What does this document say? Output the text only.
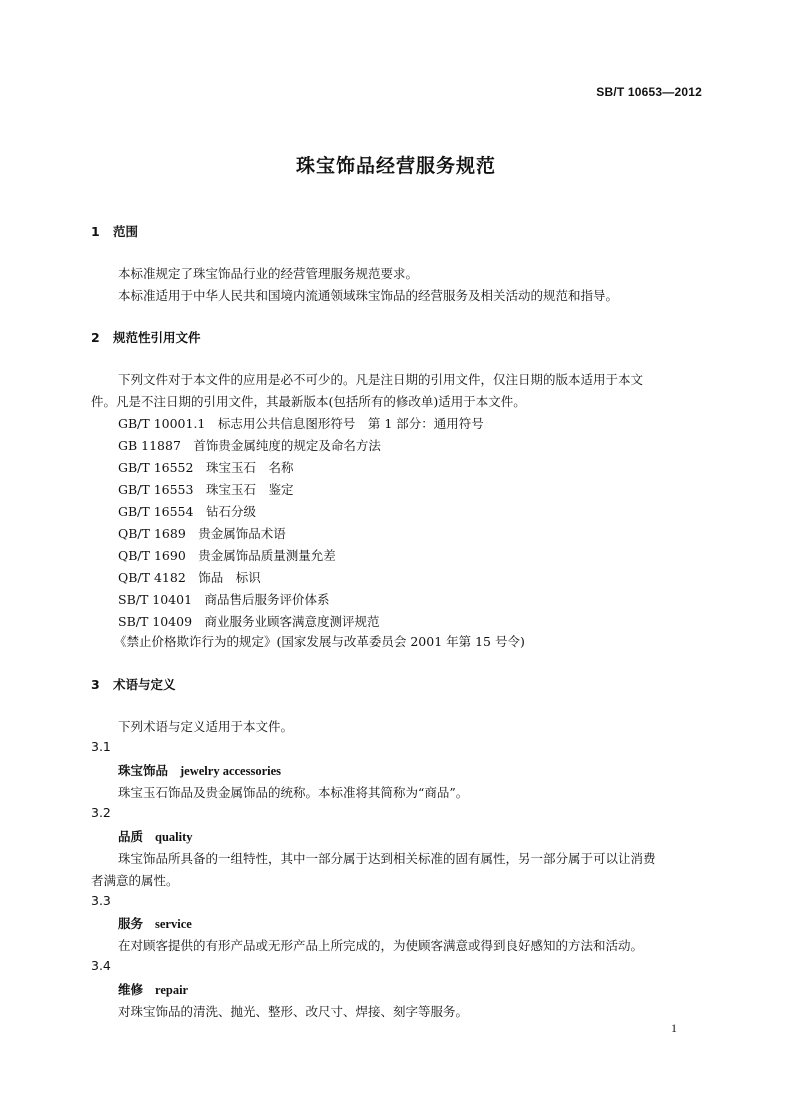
SB/T 10653—2012
珠宝饰品经营服务规范
1 范围
本标准规定了珠宝饰品行业的经营管理服务规范要求。
本标准适用于中华人民共和国境内流通领域珠宝饰品的经营服务及相关活动的规范和指导。
2 规范性引用文件
下列文件对于本文件的应用是必不可少的。凡是注日期的引用文件，仅注日期的版本适用于本文
件。凡是不注日期的引用文件，其最新版本(包括所有的修改单)适用于本文件。
GB/T 10001.1　标志用公共信息图形符号　第 1 部分：通用符号
GB 11887　首饰贵金属纯度的规定及命名方法
GB/T 16552　珠宝玉石　名称
GB/T 16553　珠宝玉石　鉴定
GB/T 16554　钻石分级
QB/T 1689　贵金属饰品术语
QB/T 1690　贵金属饰品质量测量允差
QB/T 4182　饰品　标识
SB/T 10401　商品售后服务评价体系
SB/T 10409　商业服务业顾客满意度测评规范
《禁止价格欺诈行为的规定》(国家发展与改革委员会 2001 年第 15 号令)
3 术语与定义
下列术语与定义适用于本文件。
3.1
珠宝饰品 jewelry accessories
珠宝玉石饰品及贵金属饰品的统称。本标准将其简称为“商品”。
3.2
品质 quality
珠宝饰品所具备的一组特性，其中一部分属于达到相关标准的固有属性，另一部分属于可以让消费
者满意的属性。
3.3
服务 service
在对顾客提供的有形产品或无形产品上所完成的，为使顾客满意或得到良好感知的方法和活动。
3.4
维修 repair
对珠宝饰品的清洗、抛光、整形、改尺寸、焊接、刻字等服务。
1
